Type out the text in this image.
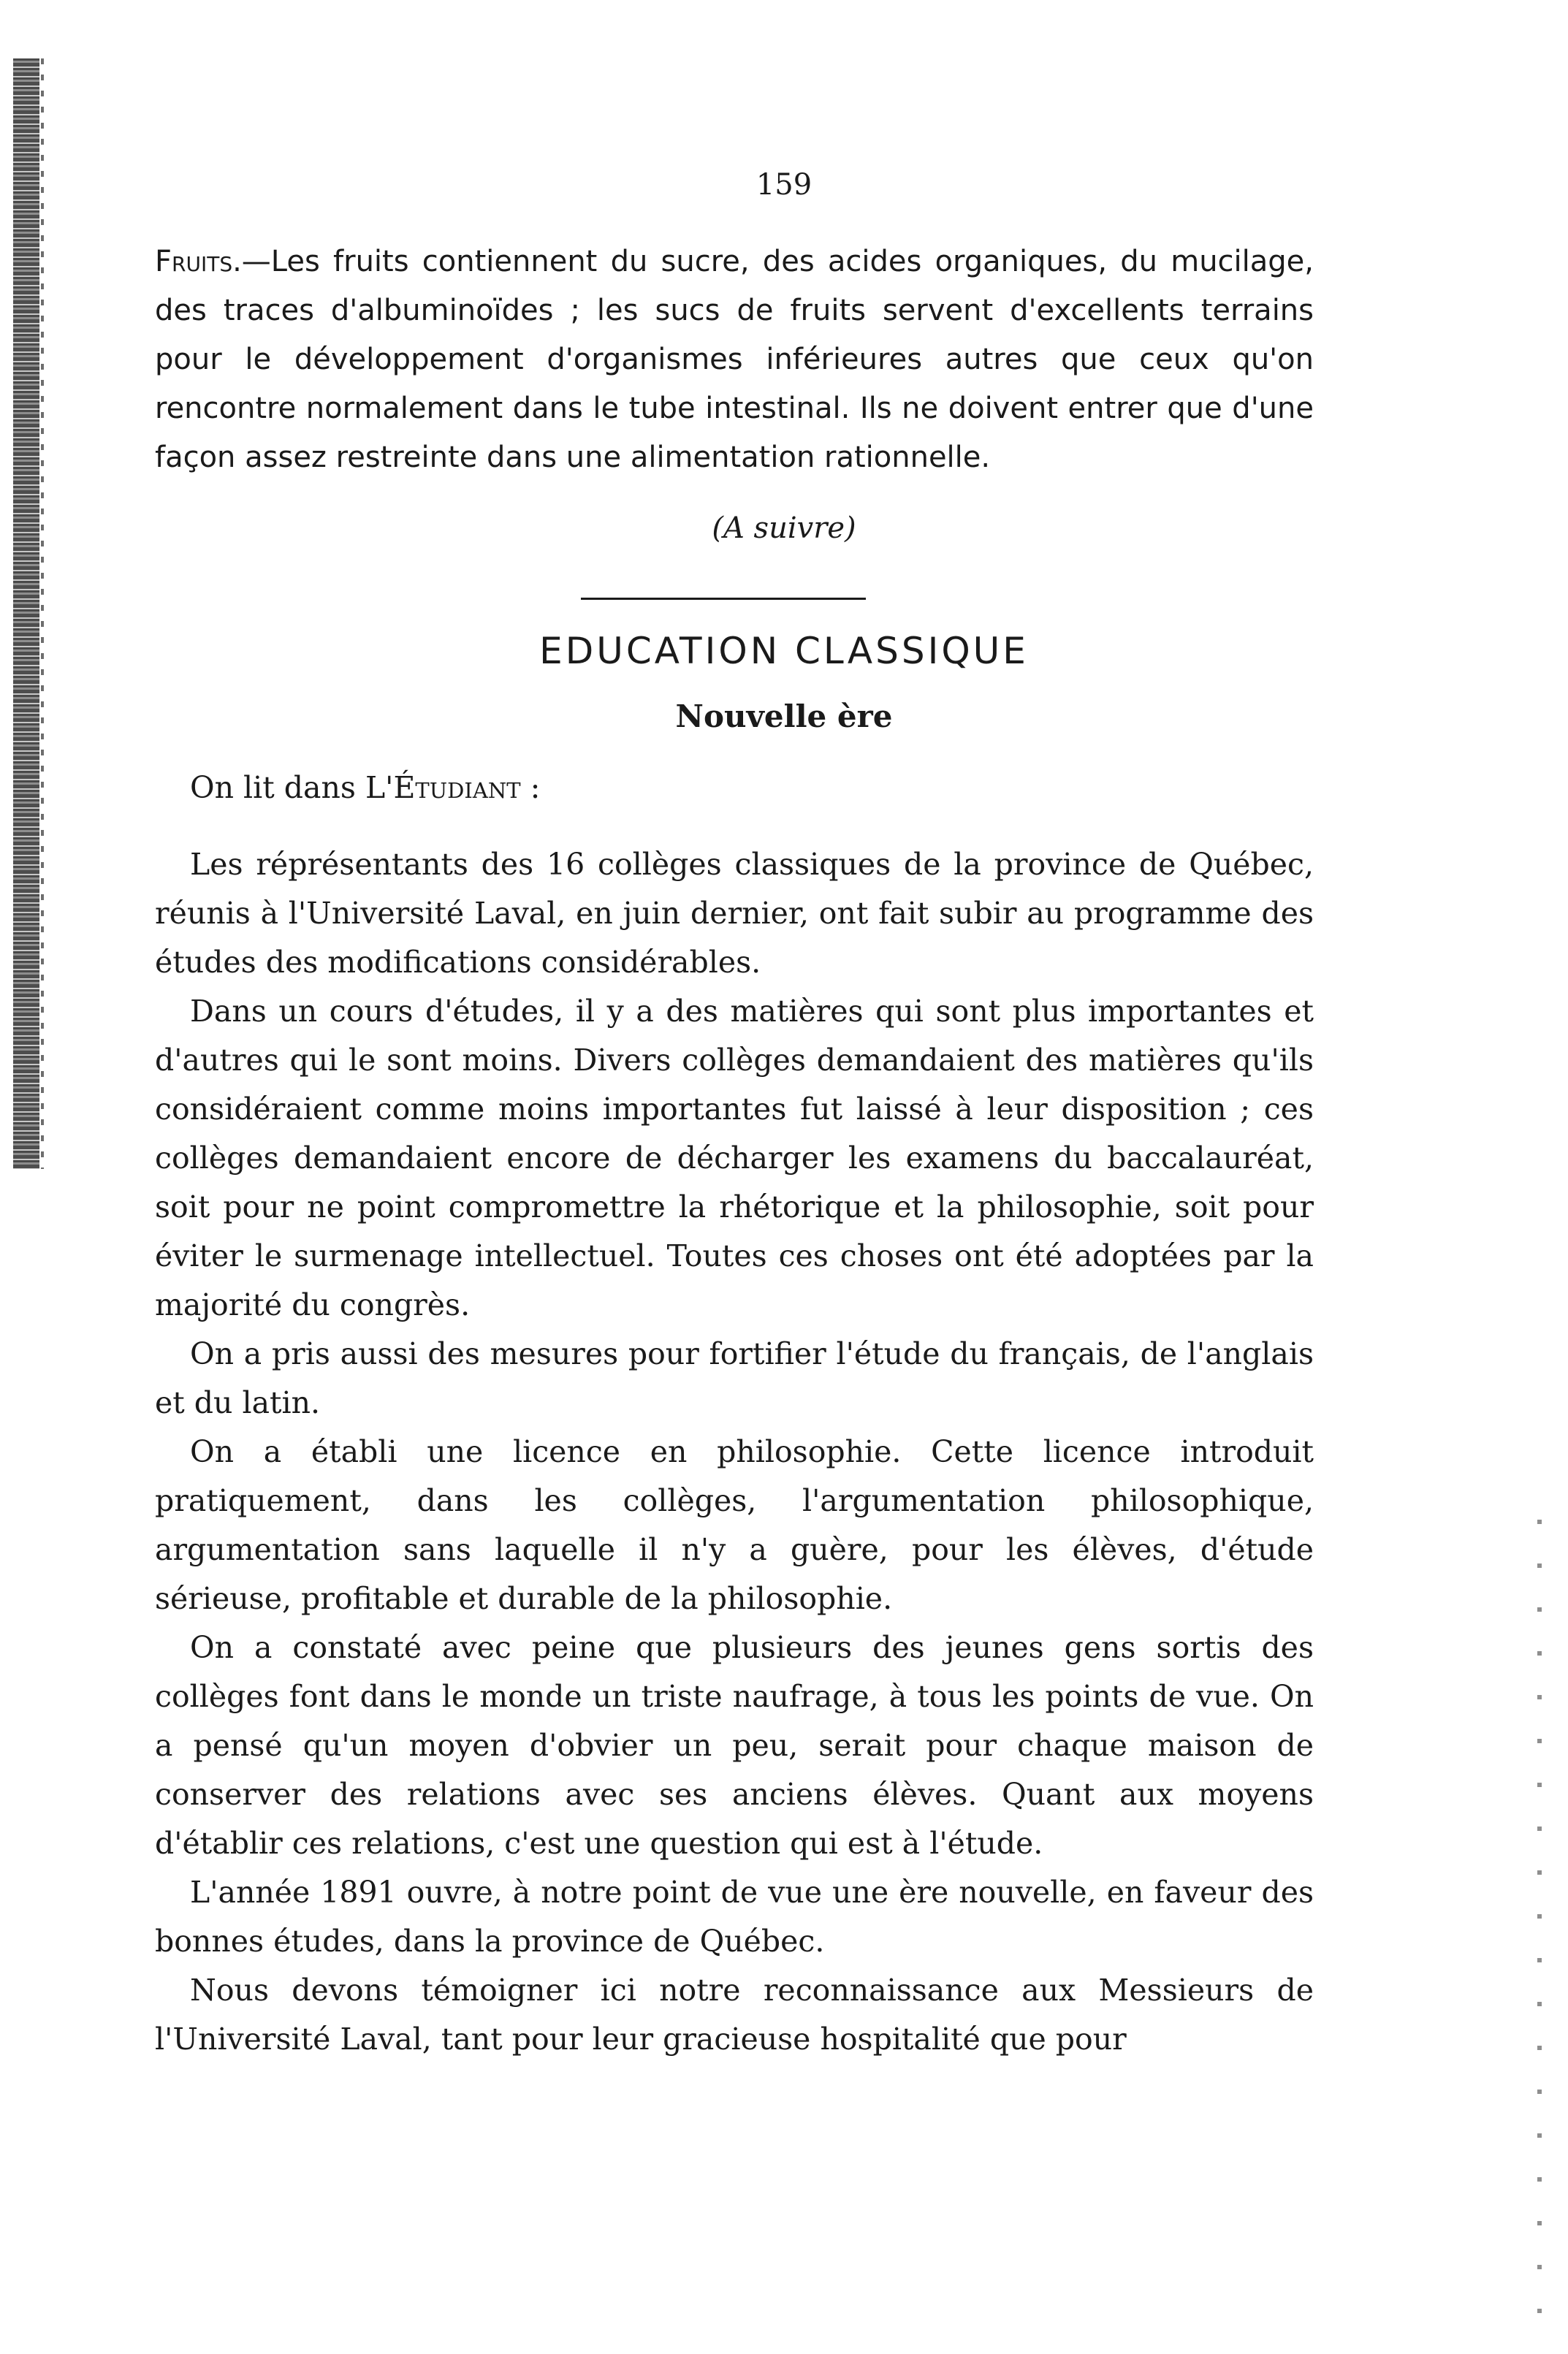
159

Fruits.—Les fruits contiennent du sucre, des acides organiques, du mucilage, des traces d'albuminoïdes ; les sucs de fruits servent d'excellents terrains pour le développement d'organismes inférieures autres que ceux qu'on rencontre normalement dans le tube intestinal. Ils ne doivent entrer que d'une façon assez restreinte dans une alimentation rationnelle.

(A suivre)
EDUCATION CLASSIQUE
Nouvelle ère

On lit dans L'Étudiant :

Les réprésentants des 16 collèges classiques de la province de Québec, réunis à l'Université Laval, en juin dernier, ont fait subir au programme des études des modifications considérables.

Dans un cours d'études, il y a des matières qui sont plus importantes et d'autres qui le sont moins. Divers collèges demandaient des matières qu'ils considéraient comme moins importantes fut laissé à leur disposition ; ces collèges demandaient encore de décharger les examens du baccalauréat, soit pour ne point compromettre la rhétorique et la philosophie, soit pour éviter le surmenage intellectuel. Toutes ces choses ont été adoptées par la majorité du congrès.

On a pris aussi des mesures pour fortifier l'étude du français, de l'anglais et du latin.

On a établi une licence en philosophie. Cette licence introduit pratiquement, dans les collèges, l'argumentation philosophique, argumentation sans laquelle il n'y a guère, pour les élèves, d'étude sérieuse, profitable et durable de la philosophie.

On a constaté avec peine que plusieurs des jeunes gens sortis des collèges font dans le monde un triste naufrage, à tous les points de vue. On a pensé qu'un moyen d'obvier un peu, serait pour chaque maison de conserver des relations avec ses anciens élèves. Quant aux moyens d'établir ces relations, c'est une question qui est à l'étude.

L'année 1891 ouvre, à notre point de vue une ère nouvelle, en faveur des bonnes études, dans la province de Québec.

Nous devons témoigner ici notre reconnaissance aux Messieurs de l'Université Laval, tant pour leur gracieuse hospitalité que pour
